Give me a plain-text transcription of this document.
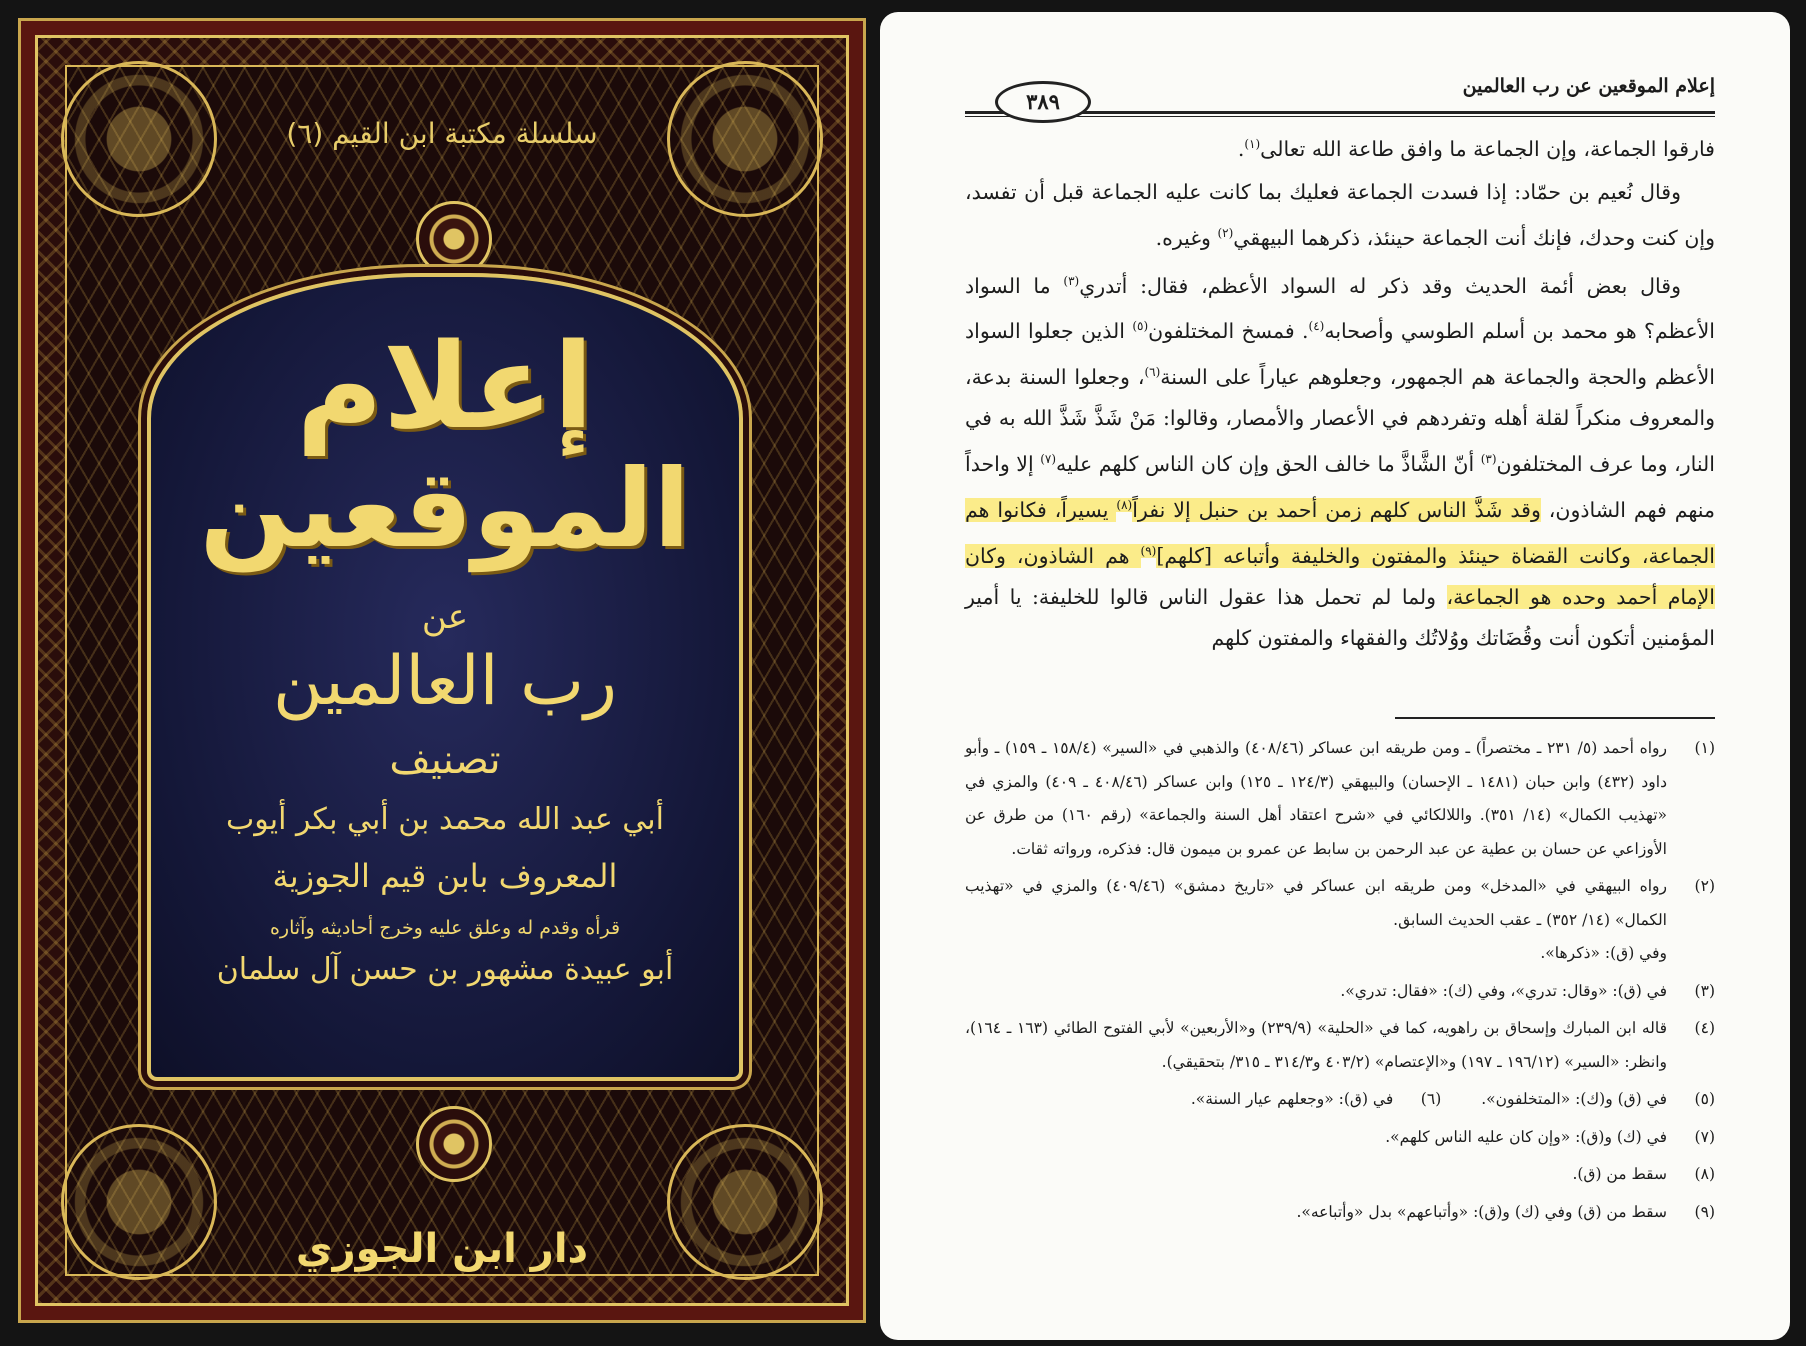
سلسلة مكتبة ابن القيم (٦)
إعلام
الموقعين
عن
رب العالمين
تصنيف
أبي عبد الله محمد بن أبي بكر أيوب
المعروف بابن قيم الجوزية
قرأه وقدم له وعلق عليه وخرج أحاديثه وآثاره
أبو عبيدة مشهور بن حسن آل سلمان
دار ابن الجوزي
إعلام الموقعين عن رب العالمين
٣٨٩

فارقوا الجماعة، وإن الجماعة ما وافق طاعة الله تعالى$^{(١)}$.

وقال نُعيم بن حمّاد: إذا فسدت الجماعة فعليك بما كانت عليه الجماعة قبل أن تفسد، وإن كنت وحدك، فإنك أنت الجماعة حينئذ، ذكرهما البيهقي$^{(٢)}$ وغيره.

وقال بعض أئمة الحديث وقد ذكر له السواد الأعظم، فقال: أتدري$^{(٣)}$ ما السواد الأعظم؟ هو محمد بن أسلم الطوسي وأصحابه$^{(٤)}$. فمسخ المختلفون$^{(٥)}$ الذين جعلوا السواد الأعظم والحجة والجماعة هم الجمهور، وجعلوهم عياراً على السنة$^{(٦)}$، وجعلوا السنة بدعة، والمعروف منكراً لقلة أهله وتفردهم في الأعصار والأمصار، وقالوا: مَنْ شَذَّ شَذَّ الله به في النار، وما عرف المختلفون$^{(٣)}$ أنّ الشَّاذَّ ما خالف الحق وإن كان الناس كلهم عليه$^{(٧)}$ إلا واحداً منهم فهم الشاذون، وقد شَذَّ الناس كلهم زمن أحمد بن حنبل إلا نفراً$^{(٨)}$ يسيراً، فكانوا هم الجماعة، وكانت القضاة حينئذ والمفتون والخليفة وأتباعه [كلهم]$^{(٩)}$ هم الشاذون، وكان الإمام أحمد وحده هو الجماعة، ولما لم تحمل هذا عقول الناس قالوا للخليفة: يا أمير المؤمنين أتكون أنت وقُضَاتك ووُلاتُك والفقهاء والمفتون كلهم

(١)
رواه أحمد (٥/ ٢٣١ ـ مختصراً) ـ ومن طريقه ابن عساكر (٤٠٨/٤٦) والذهبي في «السير» (١٥٨/٤ ـ ١٥٩) ـ وأبو داود (٤٣٢) وابن حبان (١٤٨١ ـ الإحسان) والبيهقي (١٢٤/٣ ـ ١٢٥) وابن عساكر (٤٠٨/٤٦ ـ ٤٠٩) والمزي في «تهذيب الكمال» (١٤/ ٣٥١). واللالكائي في «شرح اعتقاد أهل السنة والجماعة» (رقم ١٦٠) من طرق عن الأوزاعي عن حسان بن عطية عن عبد الرحمن بن سابط عن عمرو بن ميمون قال: فذكره، ورواته ثقات.
(٢)
رواه البيهقي في «المدخل» ومن طريقه ابن عساكر في «تاريخ دمشق» (٤٠٩/٤٦) والمزي في «تهذيب الكمال» (١٤/ ٣٥٢) ـ عقب الحديث السابق.
وفي (ق): «ذكرها».
(٣)
في (ق): «وقال: تدري»، وفي (ك): «فقال: تدري».
(٤)
قاله ابن المبارك وإسحاق بن راهويه، كما في «الحلية» (٢٣٩/٩) و«الأربعين» لأبي الفتوح الطائي (١٦٣ ـ ١٦٤)، وانظر: «السير» (١٩٦/١٢ ـ ١٩٧) و«الإعتصام» (٤٠٣/٢ و٣١٤/٣ ـ ٣١٥/ بتحقيقي).
(٥)
في (ق) و(ك): «المتخلفون».
(٦)
في (ق): «وجعلهم عيار السنة».
(٧)
في (ك) و(ق): «وإن كان عليه الناس كلهم».
(٨)
سقط من (ق).
(٩)
سقط من (ق) وفي (ك) و(ق): «وأتباعهم» بدل «وأتباعه».
